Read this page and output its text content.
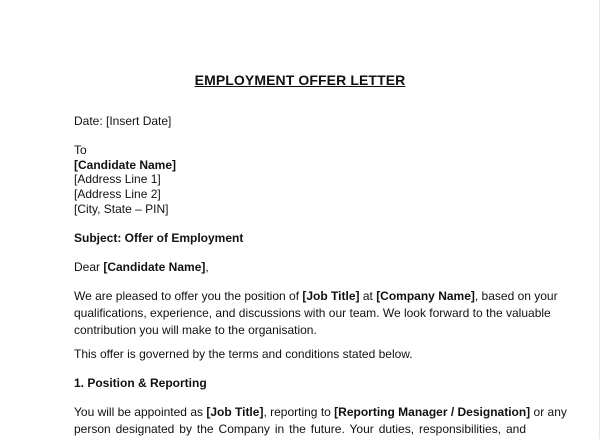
EMPLOYMENT OFFER LETTER
Date: [Insert Date]
To
[Candidate Name]
[Address Line 1]
[Address Line 2]
[City, State – PIN]
Subject: Offer of Employment
Dear [Candidate Name],
We are pleased to offer you the position of [Job Title] at [Company Name], based on your
qualifications, experience, and discussions with our team. We look forward to the valuable
contribution you will make to the organisation.
This offer is governed by the terms and conditions stated below.
1. Position & Reporting
You will be appointed as [Job Title], reporting to [Reporting Manager / Designation] or any
person designated by the Company in the future. Your duties, responsibilities, and
